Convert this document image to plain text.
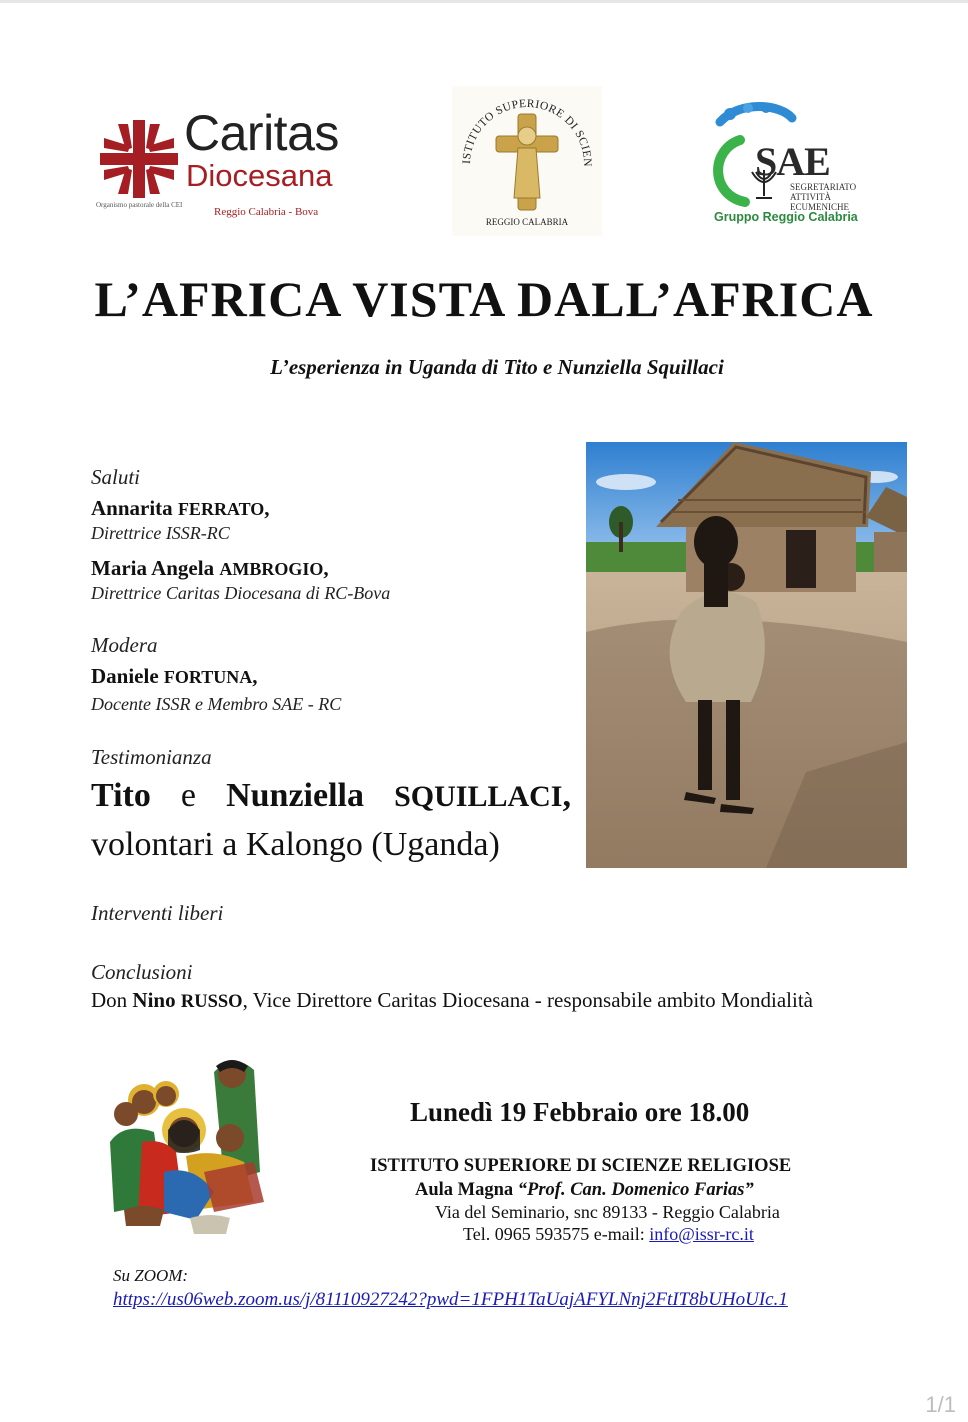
Caritas
Diocesana
Organismo pastorale della CEI
Reggio Calabria - Bova
ISTITUTO SUPERIORE DI SCIEN
REGGIO CALABRIA
SAE
SEGRETARIATO
ATTIVITÀ
ECUMENICHE
Gruppo Reggio Calabria
L’AFRICA VISTA DALL’AFRICA
L’esperienza in Uganda di Tito e Nunziella Squillaci
Saluti
Annarita FERRATO,
Direttrice ISSR-RC
Maria Angela AMBROGIO,
Direttrice Caritas Diocesana di RC-Bova
Modera
Daniele FORTUNA,
Docente ISSR e Membro SAE - RC
Testimonianza
Tito e Nunziella SQUILLACI,
volontari a Kalongo (Uganda)
Interventi liberi
Conclusioni
Don Nino RUSSO, Vice Direttore Caritas Diocesana - responsabile ambito Mondialità
Lunedì 19 Febbraio ore 18.00
ISTITUTO SUPERIORE DI SCIENZE RELIGIOSE
Aula Magna “Prof. Can. Domenico Farias”
Via del Seminario, snc 89133 - Reggio Calabria
Tel. 0965 593575 e-mail: info@issr-rc.it
Su ZOOM:
https://us06web.zoom.us/j/81110927242?pwd=1FPH1TaUajAFYLNnj2FtIT8bUHoUIc.1
1/1
